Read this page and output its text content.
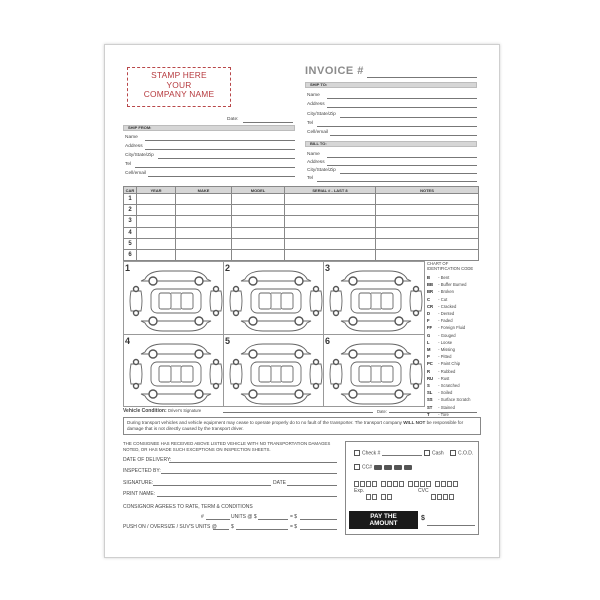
STAMP HERE
YOUR
COMPANY NAME
INVOICE #
Date:
SHIP TO:
Name
Address
City/State/Zip
Tel
Cell/email
SHIP FROM:
Name
Address
City/State/Zip
Tel
Cell/email
BILL TO:
Name
Address
City/State/Zip
Tel
CAR	YEAR	MAKE	MODEL	SERIAL # - LAST 8	NOTES
1					
2					
3					
4					
5					
6					
1	2	3
4	5	6
CHART OF
IDENTIFICATION CODE
B - Bent
BB - Buffer Burned
BR - Broken
C - Cut
CR - Cracked
D - Dented
F - Faded
FF - Foreign Fluid
G - Gouged
L - Loose
M - Missing
P - Pitted
PC - Paint Chip
R - Rubbed
RU - Rust
S - Scratched
SL - Soiled
SS - Surface Scratch
ST - Stained
T - Tore
Vehicle Condition: Driver's Signature	Date:
During transport vehicles and vehicle equipment may cease to operate properly do to no fault of the transporter. The transport company WILL NOT be responsible for damage that is not directly caused by the transport driver.
THE CONSIGNEE HAS RECEIVED ABOVE LISTED VEHICLE WITH NO TRANSPORTATION DAMAGES NOTED, OR HAS MADE SUCH EXCEPTIONS ON INSPECTION SHEETS.
DATE OF DELIVERY:
INSPECTED BY:
SIGNATURE:	DATE
PRINT NAME:
CONSIGNOR AGREES TO RATE, TERM & CONDITIONS
#	UNITS @ $	= $
PUSH ON / OVERSIZE / SUV'S UNITS @	$	= $
Check #	Cash	C.O.D.
CC#
Exp.	CVC
PAY THE
AMOUNT
$
